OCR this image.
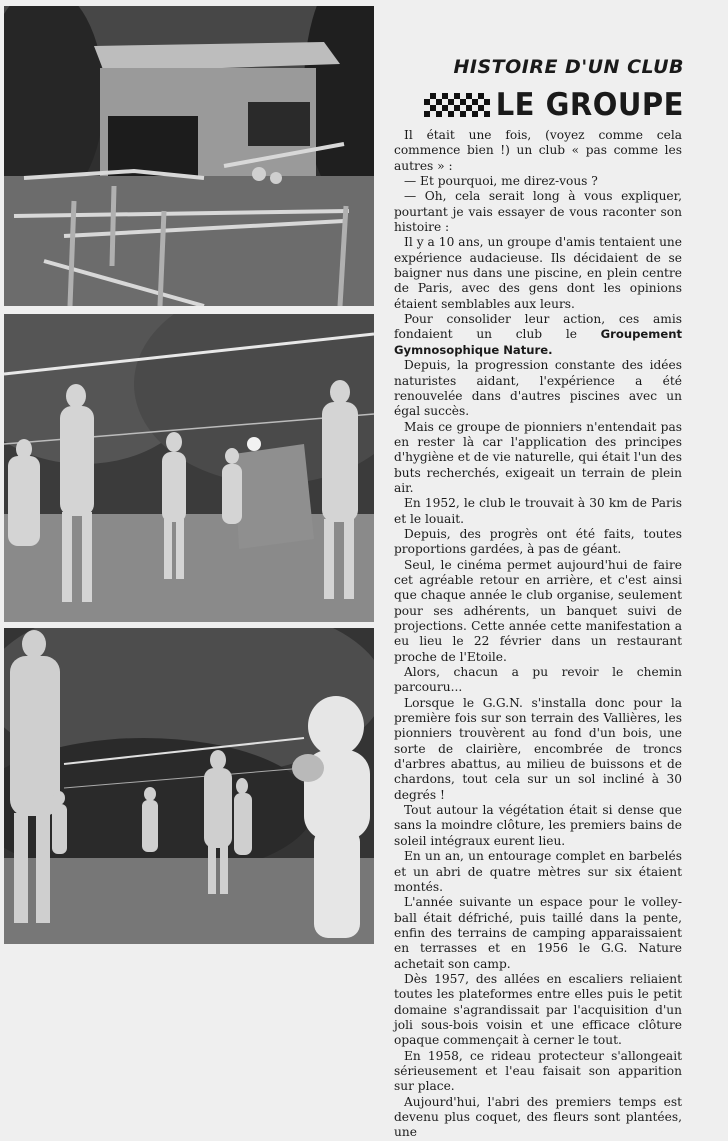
HISTOIRE D'UN CLUB
LE GROUPE

Il était une fois, (voyez comme cela commence bien !) un club « pas comme les autres » :

— Et pourquoi, me direz-vous ?

— Oh, cela serait long à vous expliquer, pourtant je vais essayer de vous raconter son histoire :

Il y a 10 ans, un groupe d'amis tentaient une expérience audacieuse. Ils décidaient de se baigner nus dans une piscine, en plein centre de Paris, avec des gens dont les opinions étaient semblables aux leurs.

Pour consolider leur action, ces amis fondaient un club le Groupement Gymnosophique Nature.

Depuis, la progression constante des idées naturistes aidant, l'expérience a été renouvelée dans d'autres piscines avec un égal succès.

Mais ce groupe de pionniers n'entendait pas en rester là car l'application des principes d'hygiène et de vie naturelle, qui était l'un des buts recherchés, exigeait un terrain de plein air.

En 1952, le club le trouvait à 30 km de Paris et le louait.

Depuis, des progrès ont été faits, toutes proportions gardées, à pas de géant.

Seul, le cinéma permet aujourd'hui de faire cet agréable retour en arrière, et c'est ainsi que chaque année le club organise, seulement pour ses adhérents, un banquet suivi de projections. Cette année cette manifestation a eu lieu le 22 février dans un restaurant proche de l'Etoile.

Alors, chacun a pu revoir le chemin parcouru...

Lorsque le G.G.N. s'installa donc pour la première fois sur son terrain des Vallières, les pionniers trouvèrent au fond d'un bois, une sorte de clairière, encombrée de troncs d'arbres abattus, au milieu de buissons et de chardons, tout cela sur un sol incliné à 30 degrés !

Tout autour la végétation était si dense que sans la moindre clôture, les premiers bains de soleil intégraux eurent lieu.

En un an, un entourage complet en barbelés et un abri de quatre mètres sur six étaient montés.

L'année suivante un espace pour le volley-ball était défriché, puis taillé dans la pente, enfin des terrains de camping apparaissaient en terrasses et en 1956 le G.G. Nature achetait son camp.

Dès 1957, des allées en escaliers reliaient toutes les plateformes entre elles puis le petit domaine s'agrandissait par l'acquisition d'un joli sous-bois voisin et une efficace clôture opaque commençait à cerner le tout.

En 1958, ce rideau protecteur s'allongeait sérieusement et l'eau faisait son apparition sur place.

Aujourd'hui, l'abri des premiers temps est devenu plus coquet, des fleurs sont plantées, une
